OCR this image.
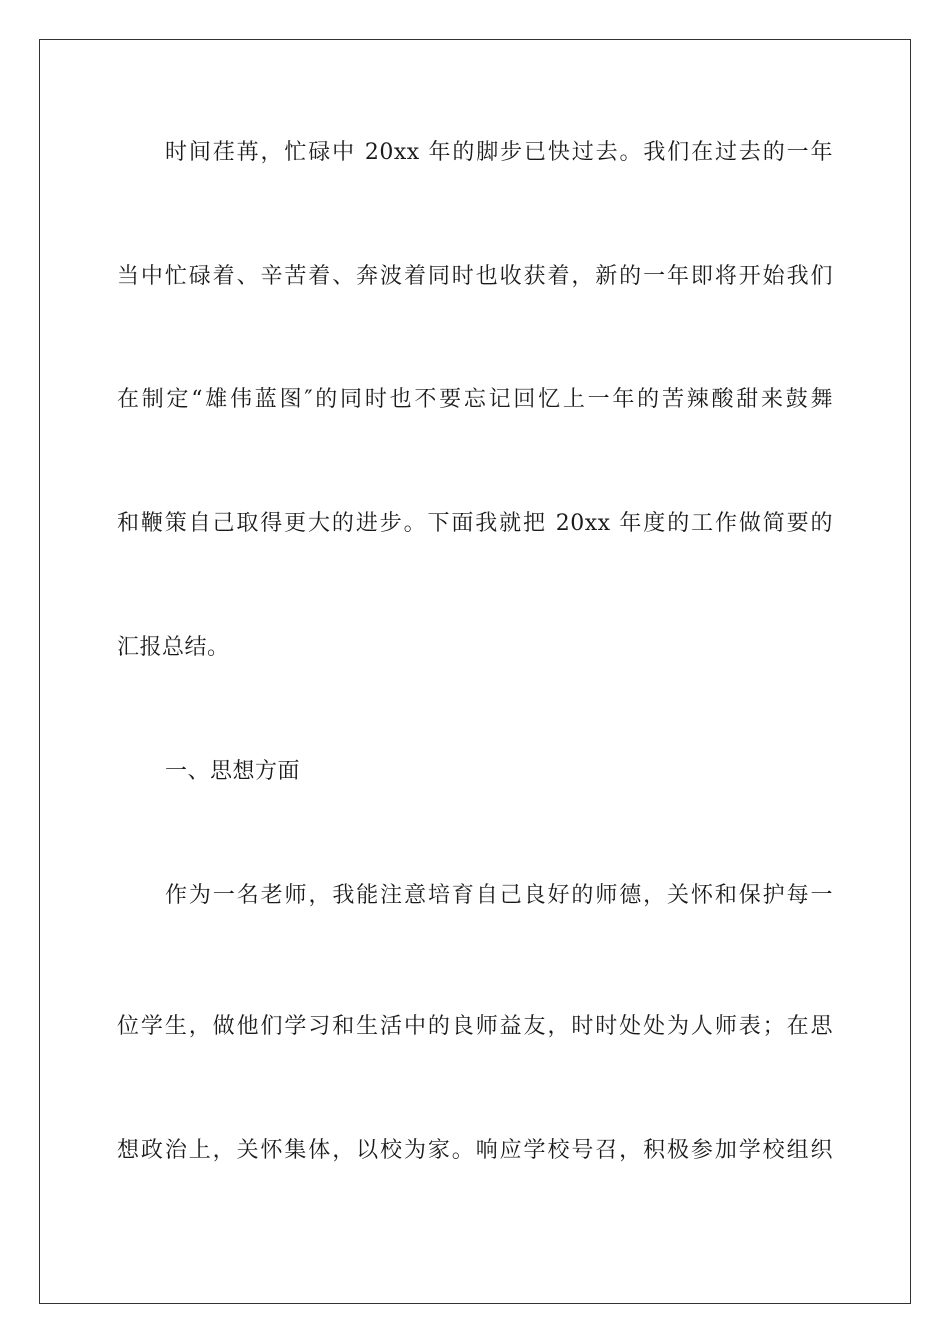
时间荏苒，忙碌中 20xx 年的脚步已快过去。我们在过去的一年
当中忙碌着、辛苦着、奔波着同时也收获着，新的一年即将开始我们
在制定“雄伟蓝图″的同时也不要忘记回忆上一年的苦辣酸甜来鼓舞
和鞭策自己取得更大的进步。下面我就把 20xx 年度的工作做简要的
汇报总结。
一、思想方面
作为一名老师，我能注意培育自己良好的师德，关怀和保护每一
位学生，做他们学习和生活中的良师益友，时时处处为人师表；在思
想政治上，关怀集体，以校为家。响应学校号召，积极参加学校组织
